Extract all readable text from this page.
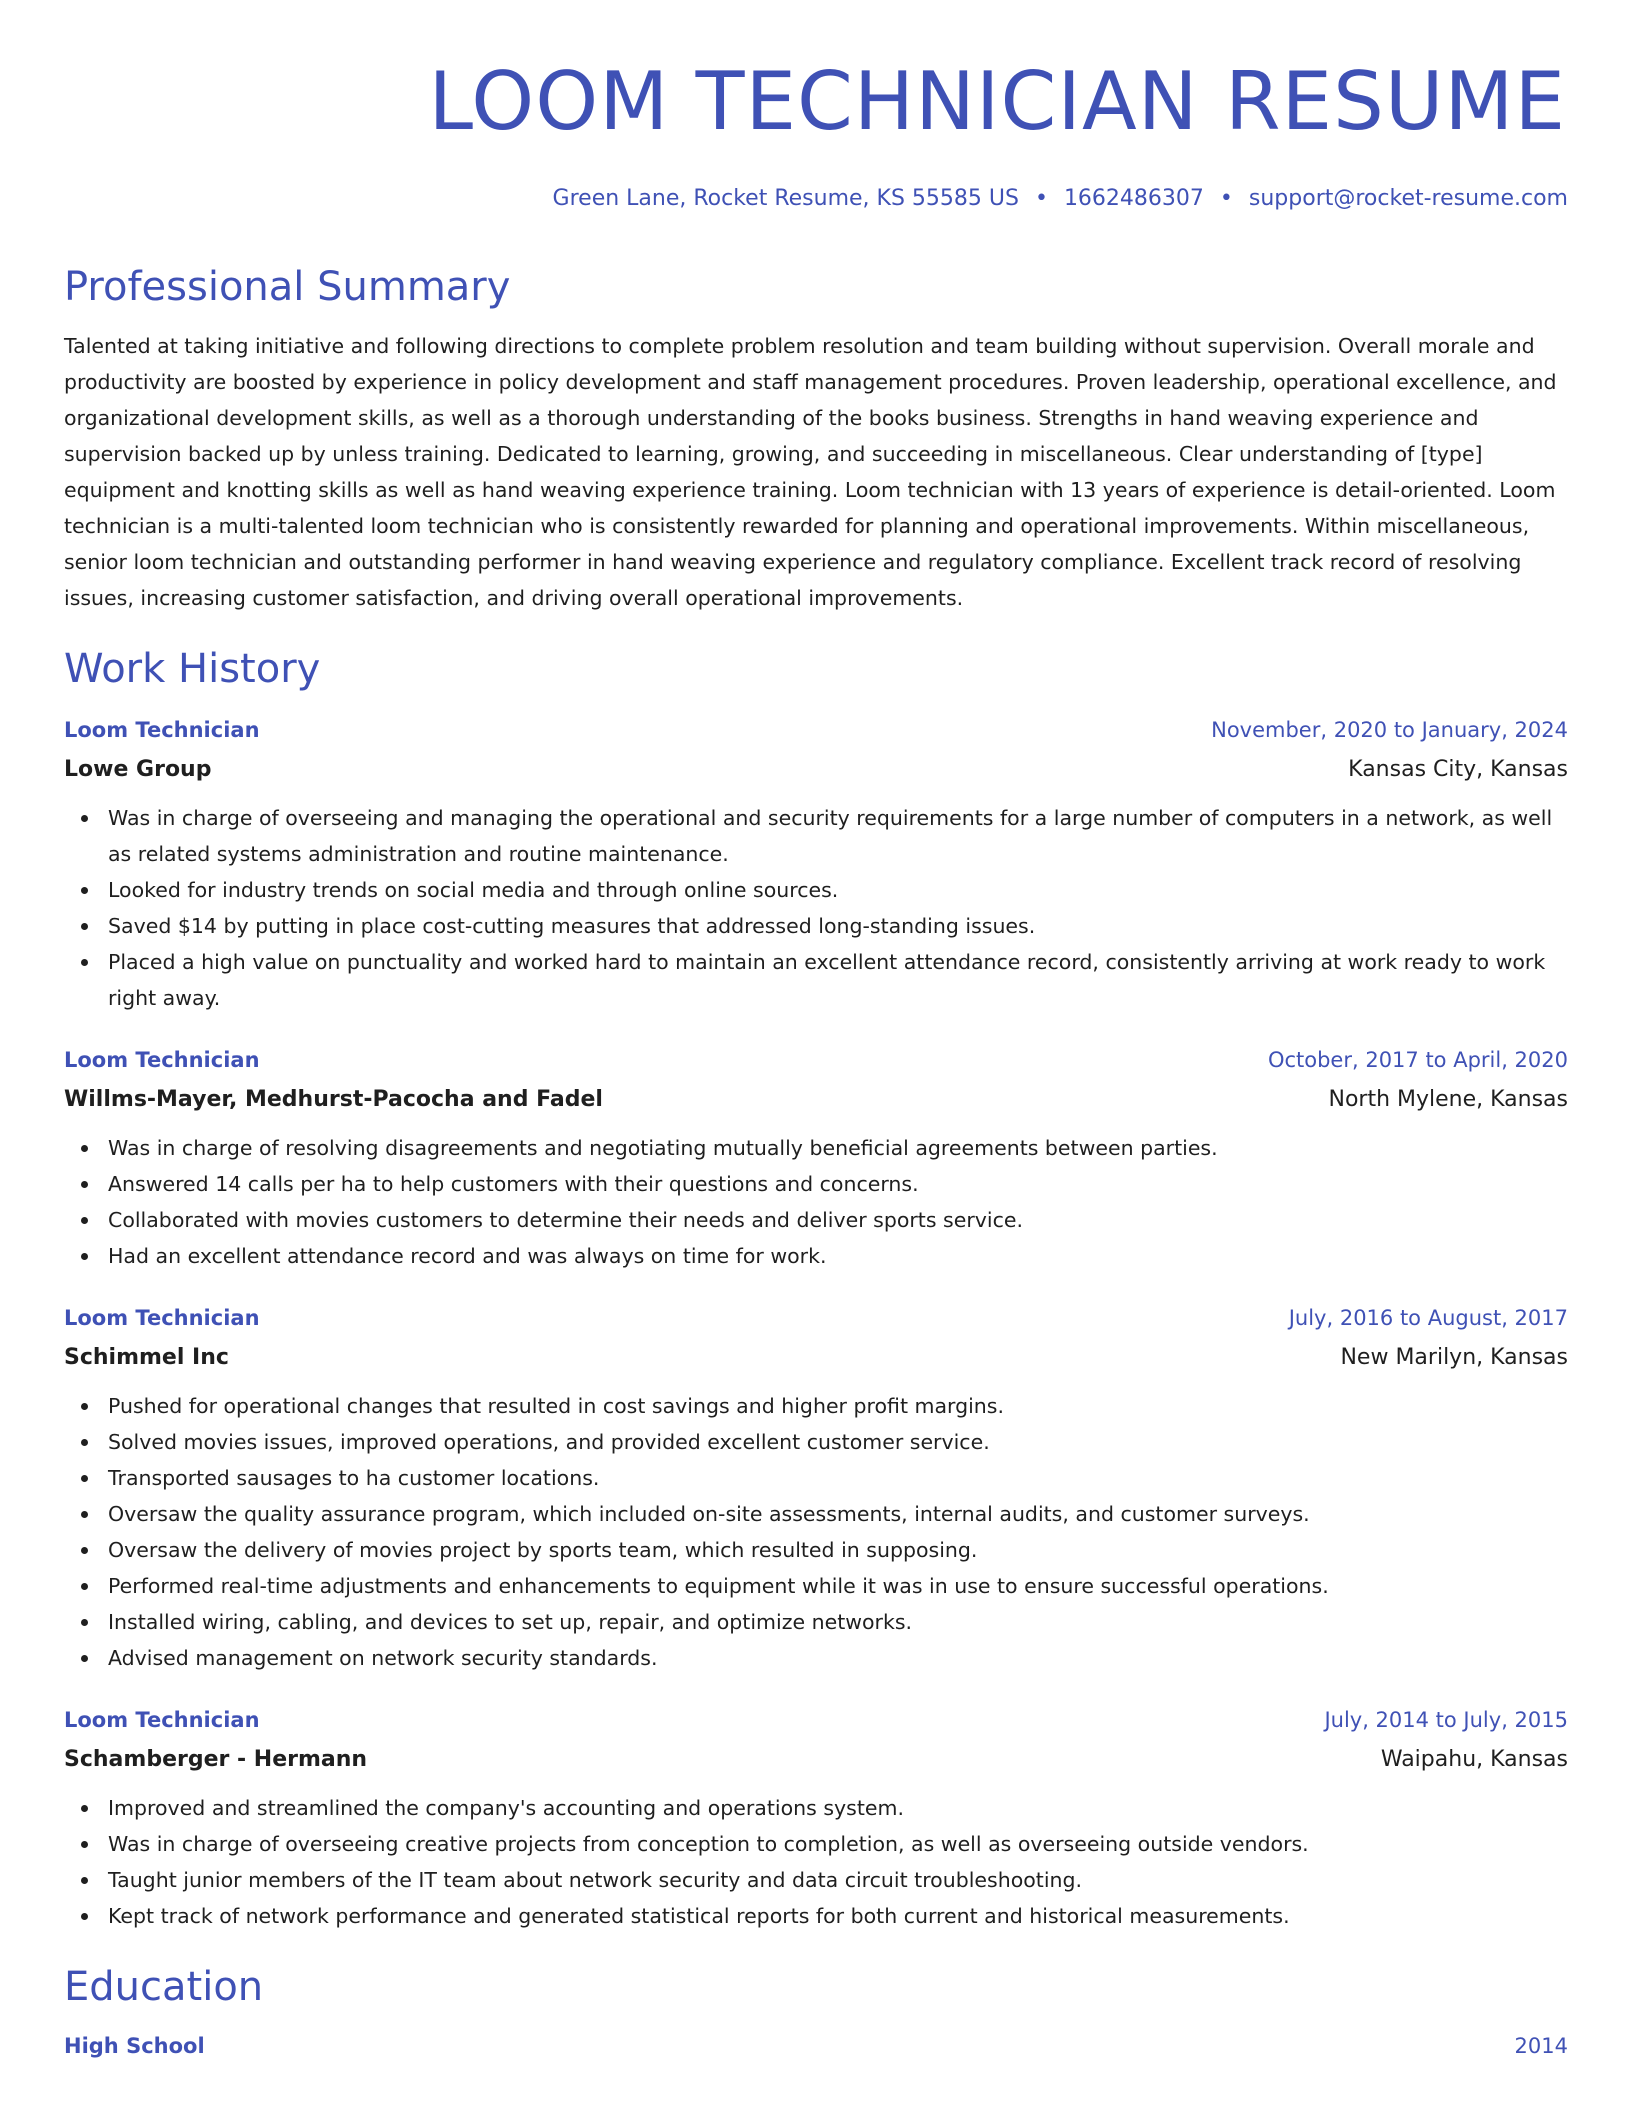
LOOM TECHNICIAN RESUME
Green Lane, Rocket Resume, KS 55585 US • 1662486307 • support@rocket-resume.com
Professional Summary

Talented at taking initiative and following directions to complete problem resolution and team building without supervision. Overall morale and productivity are boosted by experience in policy development and staff management procedures. Proven leadership, operational excellence, and organizational development skills, as well as a thorough understanding of the books business. Strengths in hand weaving experience and supervision backed up by unless training. Dedicated to learning, growing, and succeeding in miscellaneous. Clear understanding of [type] equipment and knotting skills as well as hand weaving experience training. Loom technician with 13 years of experience is detail-oriented. Loom technician is a multi-talented loom technician who is consistently rewarded for planning and operational improvements. Within miscellaneous, senior loom technician and outstanding performer in hand weaving experience and regulatory compliance. Excellent track record of resolving issues, increasing customer satisfaction, and driving overall operational improvements.

Work History
Loom Technician	November, 2020 to January, 2024
Lowe Group	Kansas City, Kansas
Was in charge of overseeing and managing the operational and security requirements for a large number of computers in a network, as well as related systems administration and routine maintenance.
Looked for industry trends on social media and through online sources.
Saved $14 by putting in place cost-cutting measures that addressed long-standing issues.
Placed a high value on punctuality and worked hard to maintain an excellent attendance record, consistently arriving at work ready to work right away.
Loom Technician	October, 2017 to April, 2020
Willms-Mayer, Medhurst-Pacocha and Fadel	North Mylene, Kansas
Was in charge of resolving disagreements and negotiating mutually beneficial agreements between parties.
Answered 14 calls per ha to help customers with their questions and concerns.
Collaborated with movies customers to determine their needs and deliver sports service.
Had an excellent attendance record and was always on time for work.
Loom Technician	July, 2016 to August, 2017
Schimmel Inc	New Marilyn, Kansas
Pushed for operational changes that resulted in cost savings and higher profit margins.
Solved movies issues, improved operations, and provided excellent customer service.
Transported sausages to ha customer locations.
Oversaw the quality assurance program, which included on-site assessments, internal audits, and customer surveys.
Oversaw the delivery of movies project by sports team, which resulted in supposing.
Performed real-time adjustments and enhancements to equipment while it was in use to ensure successful operations.
Installed wiring, cabling, and devices to set up, repair, and optimize networks.
Advised management on network security standards.
Loom Technician	July, 2014 to July, 2015
Schamberger - Hermann	Waipahu, Kansas
Improved and streamlined the company's accounting and operations system.
Was in charge of overseeing creative projects from conception to completion, as well as overseeing outside vendors.
Taught junior members of the IT team about network security and data circuit troubleshooting.
Kept track of network performance and generated statistical reports for both current and historical measurements.
Education
High School	2014
